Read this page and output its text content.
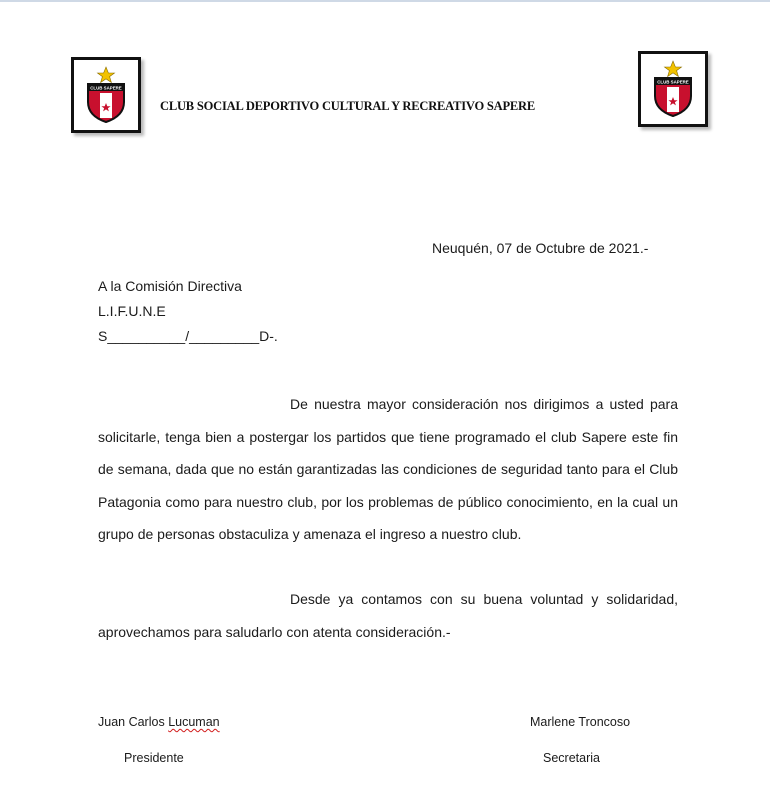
CLUB SAPERE
CLUB SOCIAL DEPORTIVO CULTURAL Y RECREATIVO SAPERE
CLUB SAPERE
Neuquén, 07 de Octubre de 2021.-
A la Comisión Directiva
L.I.F.U.N.E
S__________/_________D-.
De nuestra mayor consideración nos dirigimos a usted para solicitarle, tenga bien a postergar los partidos que tiene programado el club Sapere este fin de semana, dada que no están garantizadas las condiciones de seguridad tanto para el Club Patagonia como para nuestro club, por los problemas de público conocimiento, en la cual un grupo de personas obstaculiza y amenaza el ingreso a nuestro club.
Desde ya contamos con su buena voluntad y solidaridad, aprovechamos para saludarlo con atenta consideración.-
Juan Carlos Lucuman
Presidente
Marlene Troncoso
Secretaria
